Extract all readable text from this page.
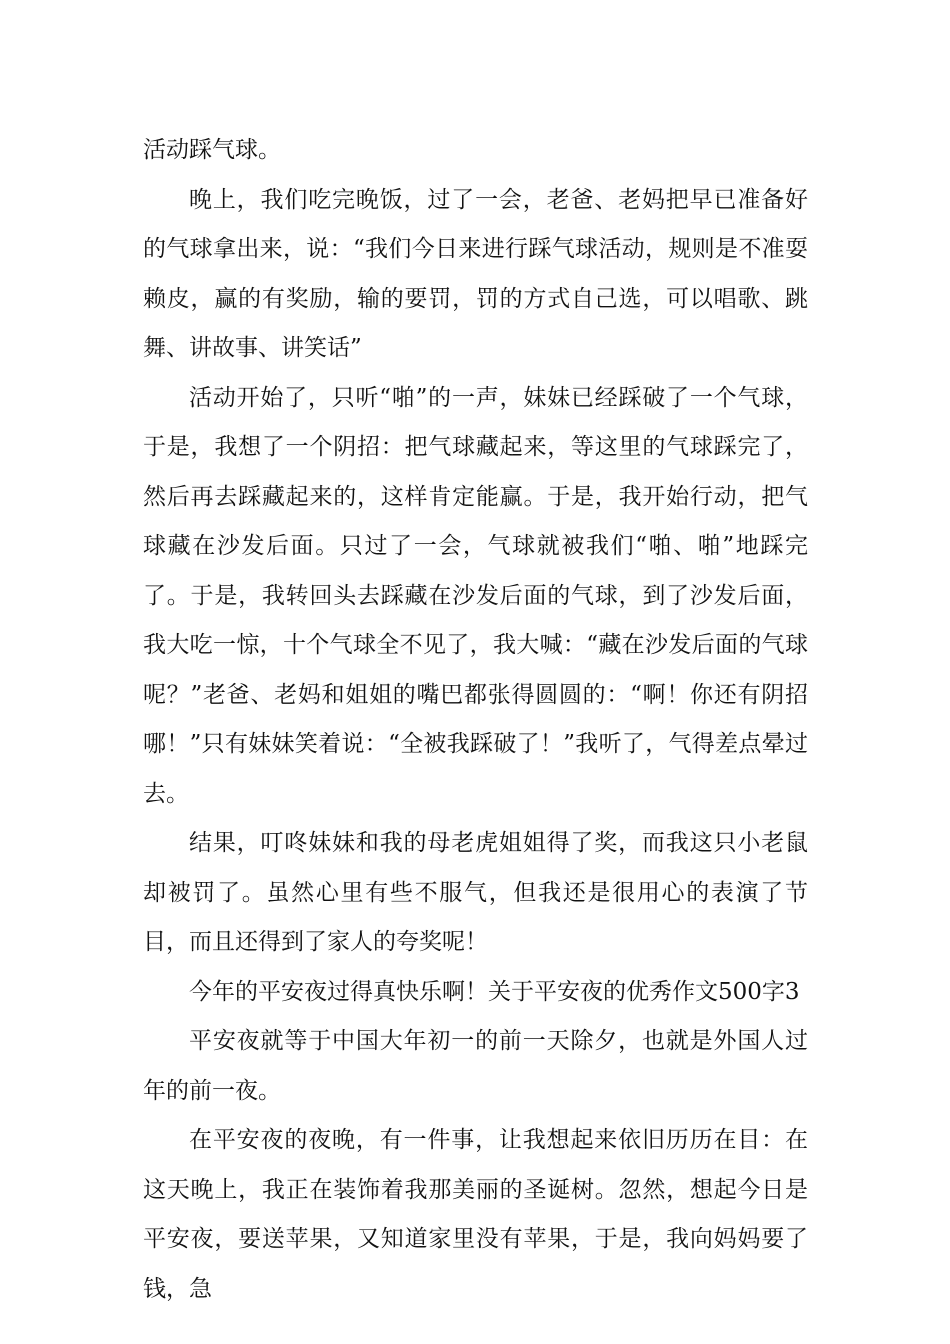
活动踩气球。

晚上，我们吃完晚饭，过了一会，老爸、老妈把早已准备好的气球拿出来，说：“我们今日来进行踩气球活动，规则是不准耍赖皮，赢的有奖励，输的要罚，罚的方式自己选，可以唱歌、跳舞、讲故事、讲笑话”

活动开始了，只听“啪”的一声，妹妹已经踩破了一个气球，于是，我想了一个阴招：把气球藏起来，等这里的气球踩完了，然后再去踩藏起来的，这样肯定能赢。于是，我开始行动，把气球藏在沙发后面。只过了一会，气球就被我们“啪、啪”地踩完了。于是，我转回头去踩藏在沙发后面的气球，到了沙发后面，我大吃一惊，十个气球全不见了，我大喊：“藏在沙发后面的气球呢？”老爸、老妈和姐姐的嘴巴都张得圆圆的：“啊！你还有阴招哪！”只有妹妹笑着说：“全被我踩破了！”我听了，气得差点晕过去。

结果，叮咚妹妹和我的母老虎姐姐得了奖，而我这只小老鼠却被罚了。虽然心里有些不服气，但我还是很用心的表演了节目，而且还得到了家人的夸奖呢！

今年的平安夜过得真快乐啊！关于平安夜的优秀作文500字3

平安夜就等于中国大年初一的前一天除夕，也就是外国人过年的前一夜。

在平安夜的夜晚，有一件事，让我想起来依旧历历在目：在这天晚上，我正在装饰着我那美丽的圣诞树。忽然，想起今日是平安夜，要送苹果，又知道家里没有苹果，于是，我向妈妈要了钱，急
